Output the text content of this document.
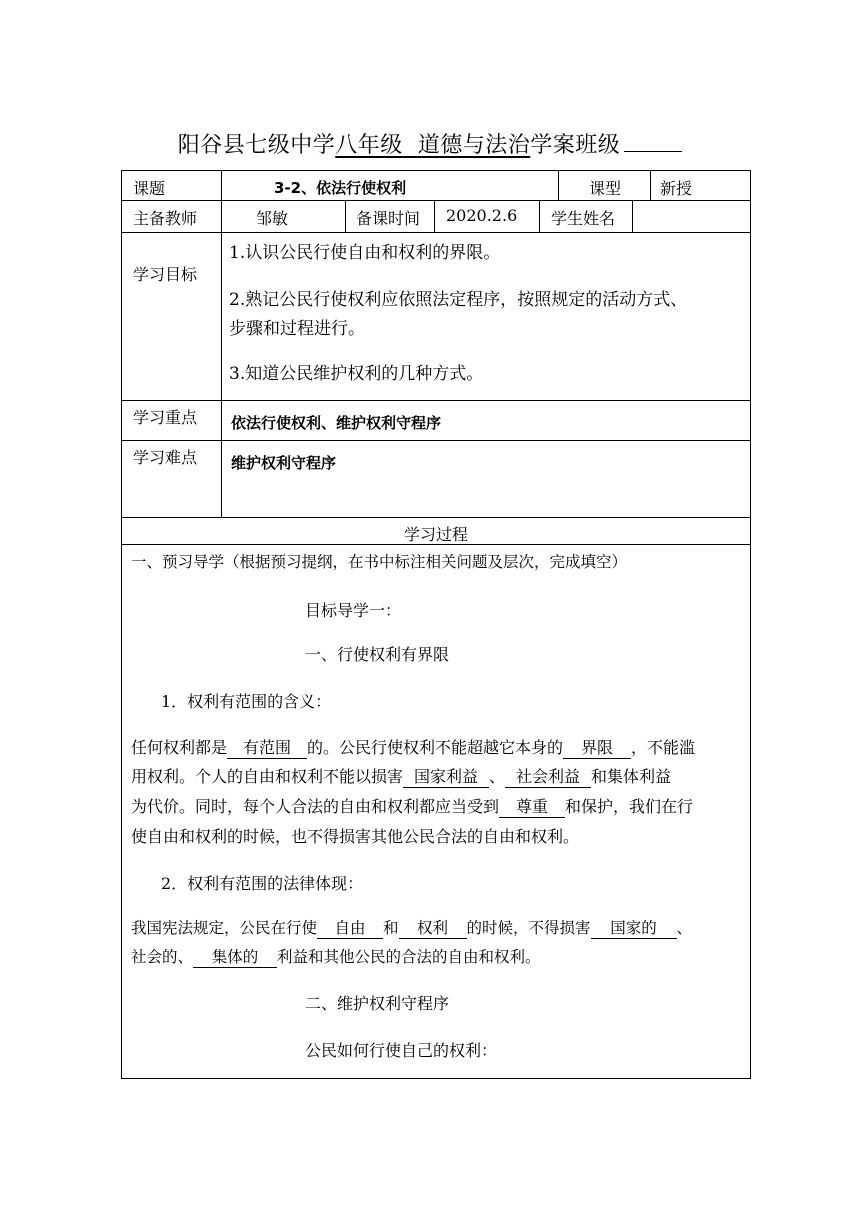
阳谷县七级中学八年级 道德与法治学案班级
课题	3-2、依法行使权利	课型 新授
主备教师	邹敏	备课时间 2020.2.6 学生姓名
学习目标
1.认识公民行使自由和权利的界限。
2.熟记公民行使权利应依照法定程序，按照规定的活动方式、
步骤和过程进行。
3.知道公民维护权利的几种方式。
学习重点 依法行使权利、维护权利守程序
学习难点 维护权利守程序
学习过程
一、预习导学（根据预习提纲，在书中标注相关问题及层次，完成填空）
目标导学一：
一、行使权利有界限
1．权利有范围的含义：
任何权利都是 有范围 的。公民行使权利不能超越它本身的 界限 ，不能滥
用权利。个人的自由和权利不能以损害 国家利益 、 社会利益 和集体利益
为代价。同时，每个人合法的自由和权利都应当受到 尊重 和保护，我们在行
使自由和权利的时候，也不得损害其他公民合法的自由和权利。
2．权利有范围的法律体现：
我国宪法规定，公民在行使 自由 和 权利 的时候，不得损害 国家的 、
社会的、 集体的 利益和其他公民的合法的自由和权利。
二、维护权利守程序
公民如何行使自己的权利：
